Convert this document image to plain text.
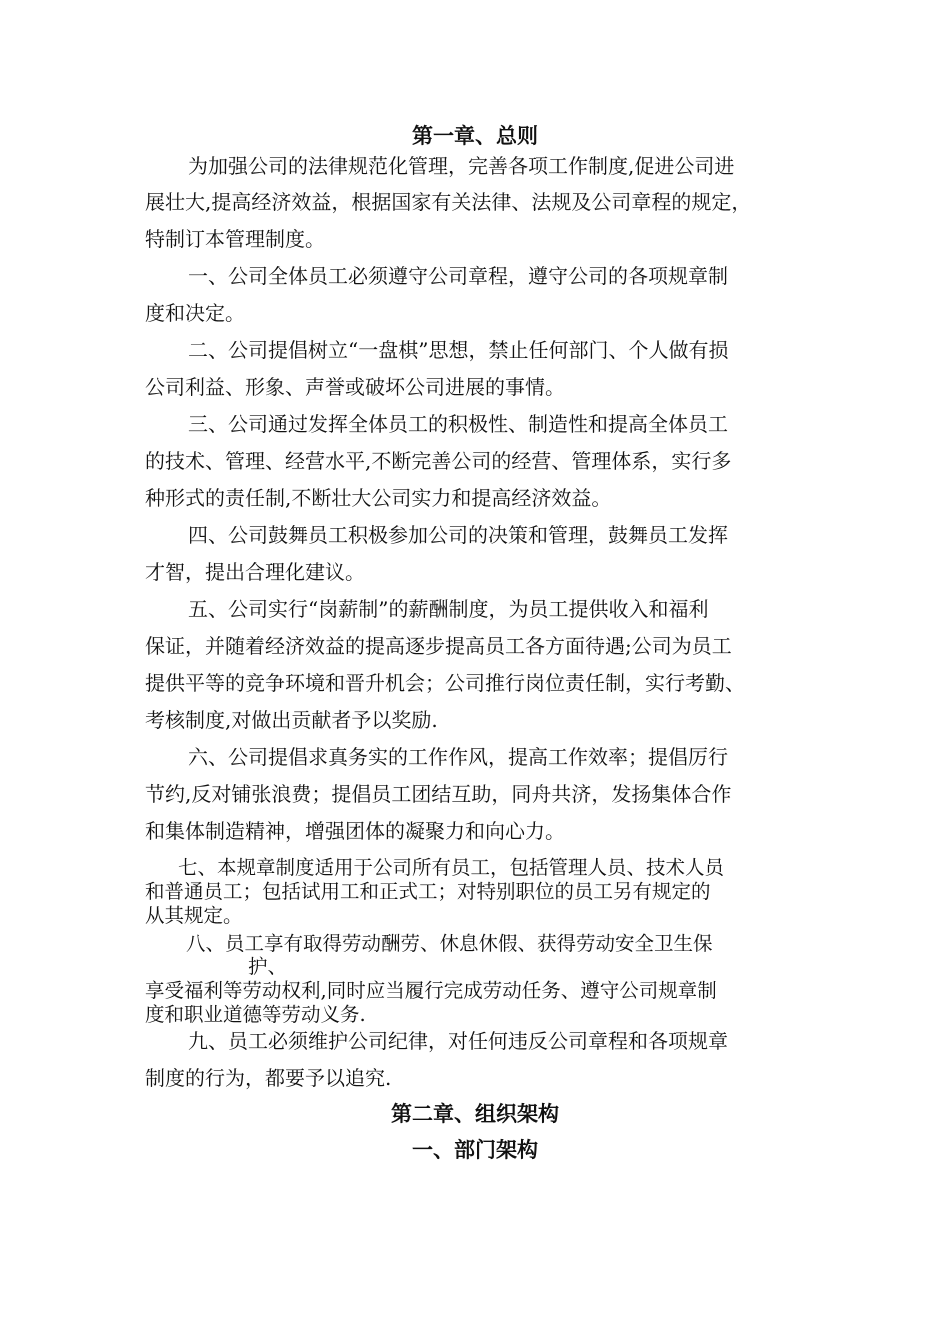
第一章、总则

为加强公司的法律规范化管理，完善各项工作制度,促进公司进

展壮大,提高经济效益，根据国家有关法律、法规及公司章程的规定，

特制订本管理制度。

一、公司全体员工必须遵守公司章程，遵守公司的各项规章制

度和决定。

二、公司提倡树立“一盘棋”思想，禁止任何部门、个人做有损

公司利益、形象、声誉或破坏公司进展的事情。

三、公司通过发挥全体员工的积极性、制造性和提高全体员工

的技术、管理、经营水平,不断完善公司的经营、管理体系，实行多

种形式的责任制,不断壮大公司实力和提高经济效益。

四、公司鼓舞员工积极参加公司的决策和管理，鼓舞员工发挥

才智，提出合理化建议。

五、公司实行“岗薪制”的薪酬制度，为员工提供收入和福利

保证，并随着经济效益的提高逐步提高员工各方面待遇;公司为员工

提供平等的竞争环境和晋升机会；公司推行岗位责任制，实行考勤、

考核制度,对做出贡献者予以奖励.

六、公司提倡求真务实的工作作风，提高工作效率；提倡厉行

节约,反对铺张浪费；提倡员工团结互助，同舟共济，发扬集体合作

和集体制造精神，增强团体的凝聚力和向心力。

七、本规章制度适用于公司所有员工，包括管理人员、技术人员

和普通员工；包括试用工和正式工；对特别职位的员工另有规定的

从其规定。

八、员工享有取得劳动酬劳、休息休假、获得劳动安全卫生保

护、

享受福利等劳动权利,同时应当履行完成劳动任务、遵守公司规章制

度和职业道德等劳动义务.

九、员工必须维护公司纪律，对任何违反公司章程和各项规章

制度的行为，都要予以追究.

第二章、组织架构
一、部门架构
